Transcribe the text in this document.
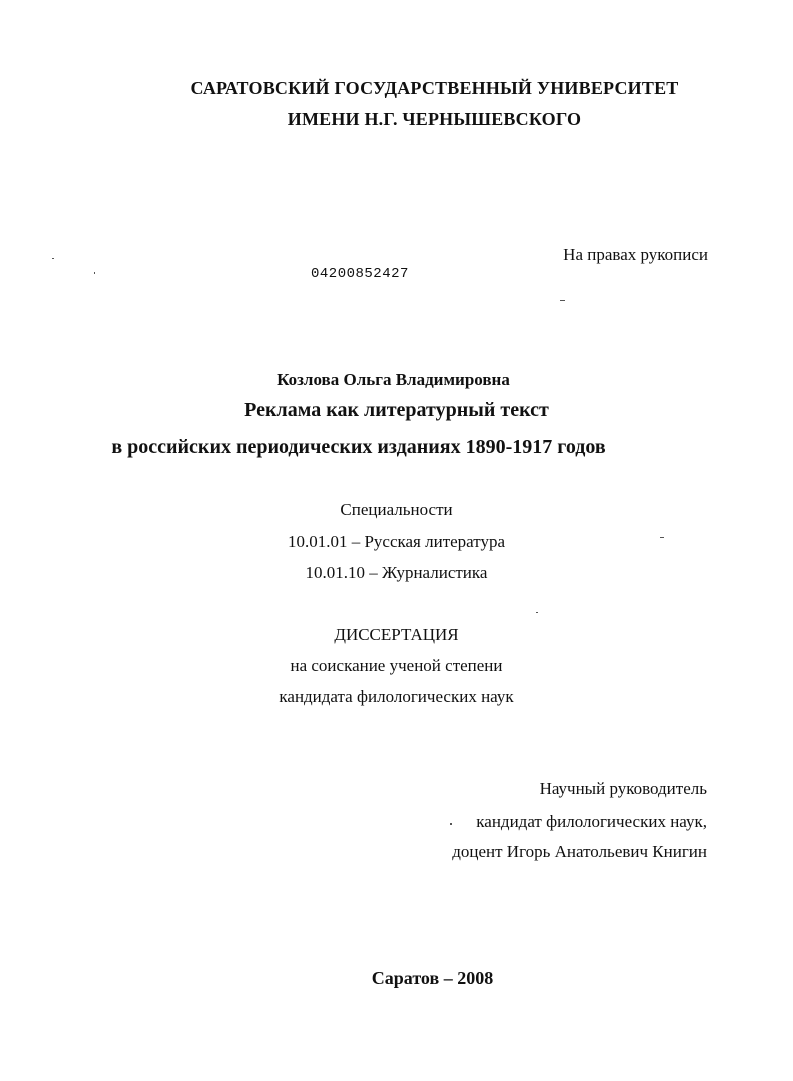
САРАТОВСКИЙ ГОСУДАРСТВЕННЫЙ УНИВЕРСИТЕТ
ИМЕНИ Н.Г. ЧЕРНЫШЕВСКОГО
На правах рукописи
04200852427
Козлова Ольга Владимировна
Реклама как литературный текст
в российских периодических изданиях 1890-1917 годов
Специальности
10.01.01 – Русская литература
10.01.10 – Журналистика
ДИССЕРТАЦИЯ
на соискание ученой степени
кандидата филологических наук
Научный руководитель
кандидат филологических наук,
доцент Игорь Анатольевич Книгин
Саратов – 2008
